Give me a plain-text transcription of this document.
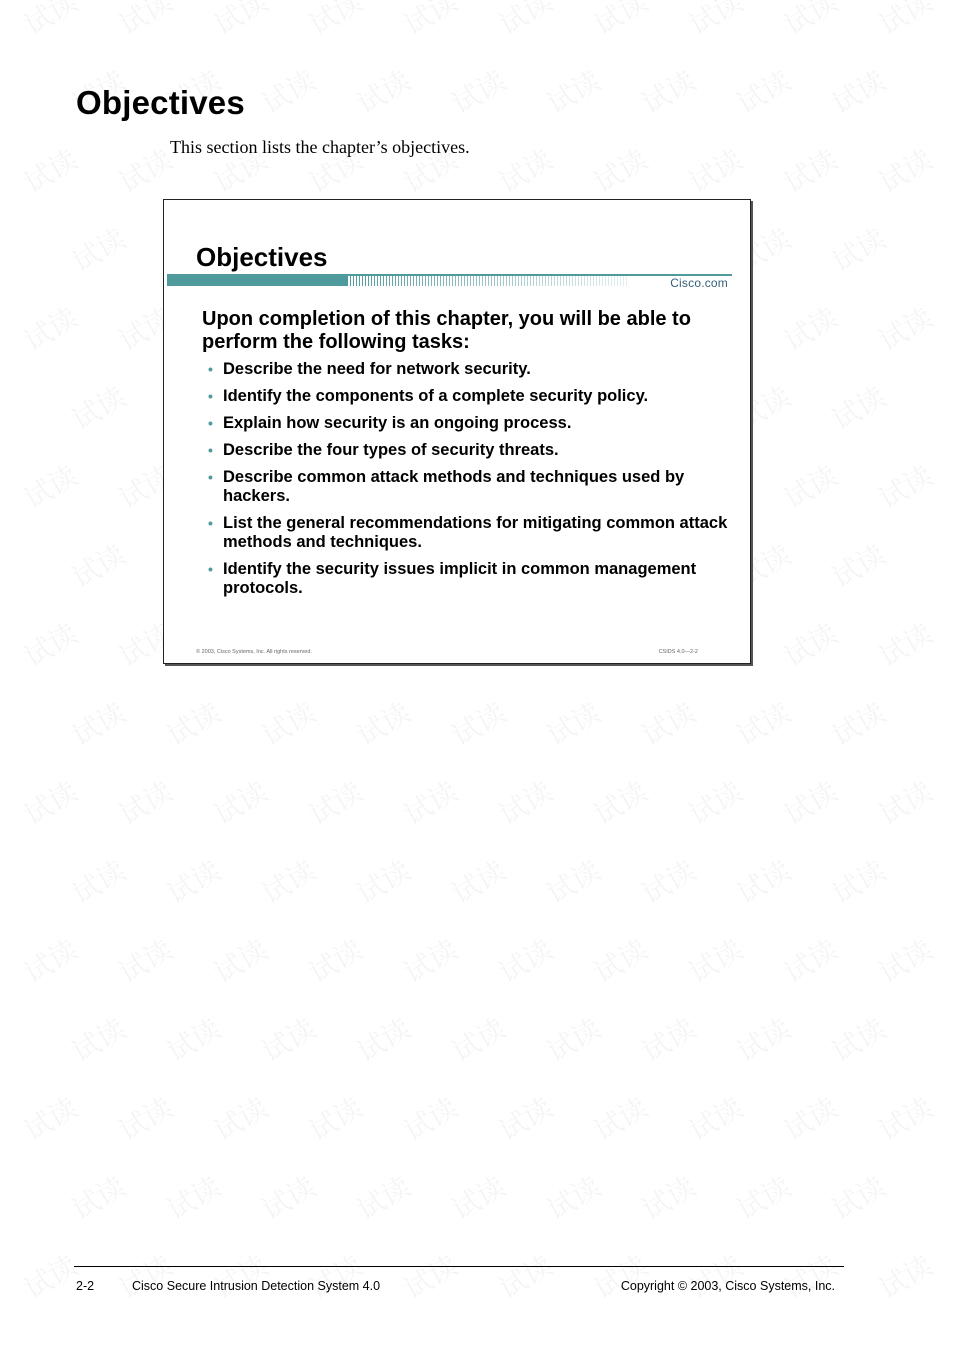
Objectives

This section lists the chapter’s objectives.

Objectives
Cisco.com

Upon completion of this chapter, you will be able to perform the following tasks:

• Describe the need for network security.
• Identify the components of a complete security policy.
• Explain how security is an ongoing process.
• Describe the four types of security threats.
• Describe common attack methods and techniques used by hackers.
• List the general recommendations for mitigating common attack methods and techniques.
• Identify the security issues implicit in common management protocols.
© 2003, Cisco Systems, Inc. All rights reserved.	CSIDS 4.0—2-2
2-2	Cisco Secure Intrusion Detection System 4.0	Copyright © 2003, Cisco Systems, Inc.
